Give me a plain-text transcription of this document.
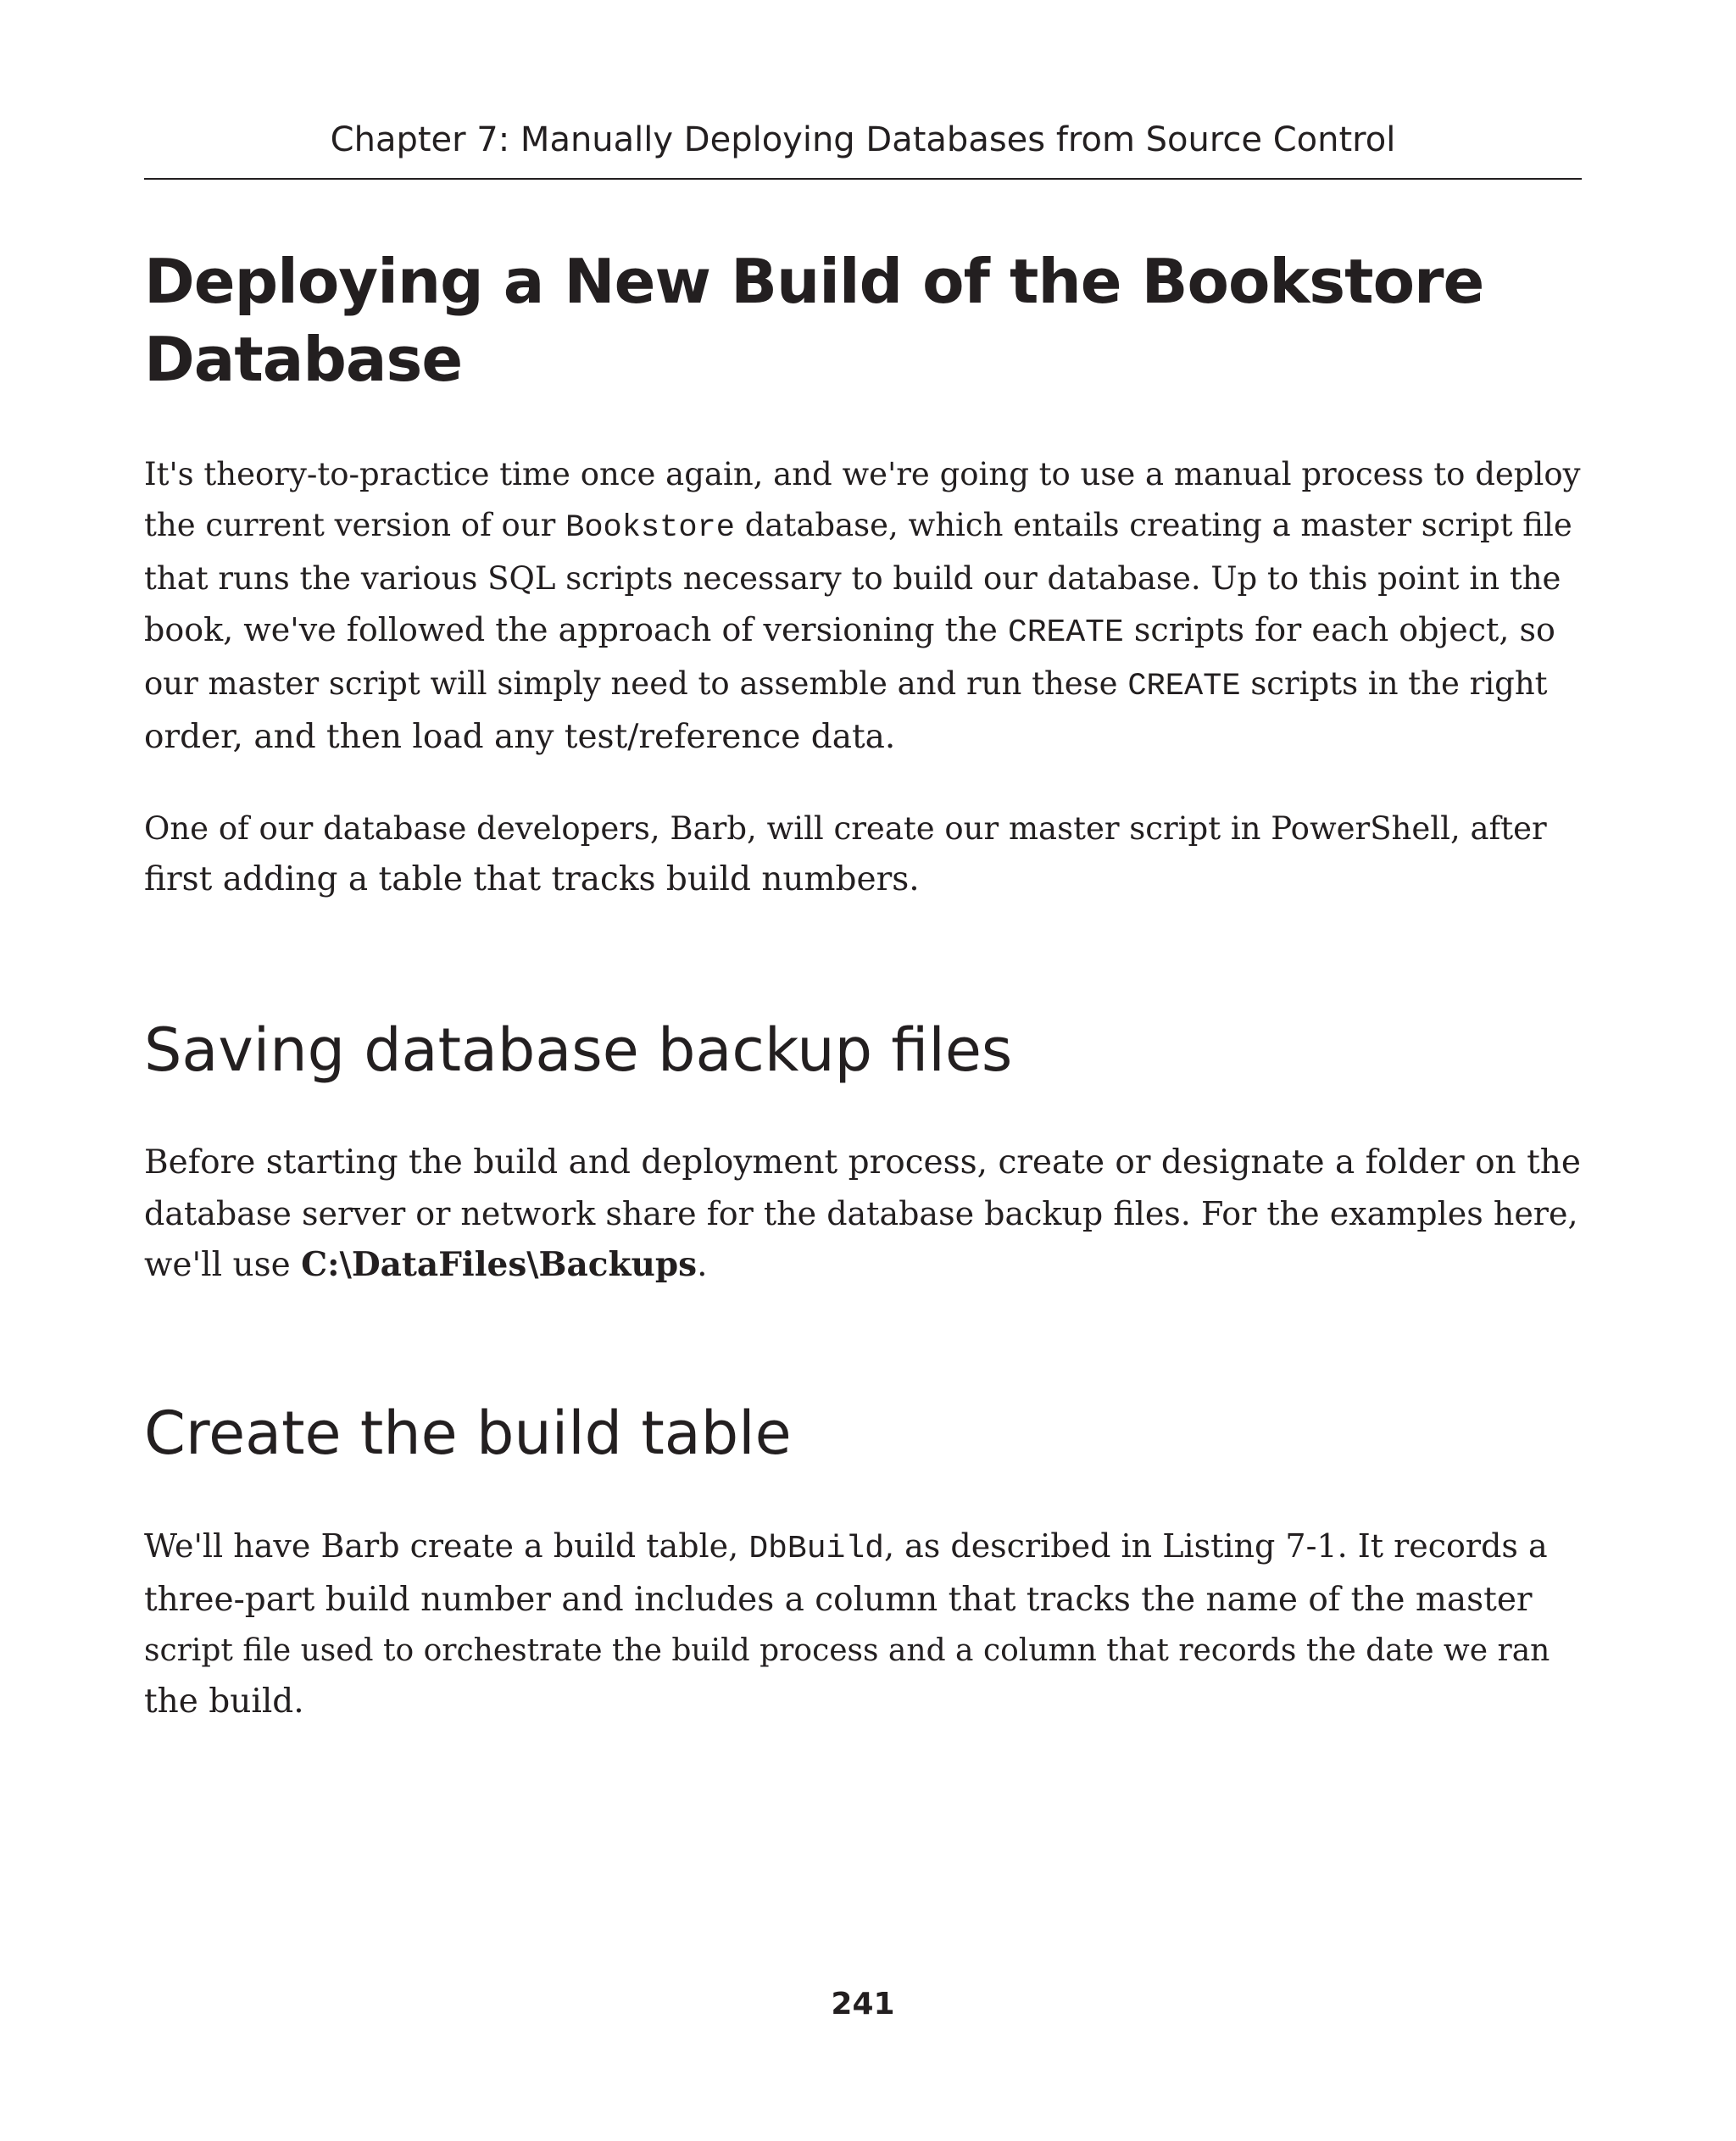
Chapter 7: Manually Deploying Databases from Source Control
Deploying a New Build of the Bookstore
Database

It's theory-to-practice time once again, and we're going to use a manual process to deploy
the current version of our Bookstore database, which entails creating a master script file
that runs the various SQL scripts necessary to build our database. Up to this point in the
book, we've followed the approach of versioning the CREATE scripts for each object, so
our master script will simply need to assemble and run these CREATE scripts in the right
order, and then load any test/reference data.

One of our database developers, Barb, will create our master script in PowerShell, after
first adding a table that tracks build numbers.

Saving database backup files

Before starting the build and deployment process, create or designate a folder on the
database server or network share for the database backup files. For the examples here,
we'll use C:\DataFiles\Backups.

Create the build table

We'll have Barb create a build table, DbBuild, as described in Listing 7-1. It records a
three-part build number and includes a column that tracks the name of the master
script file used to orchestrate the build process and a column that records the date we ran
the build.

241
